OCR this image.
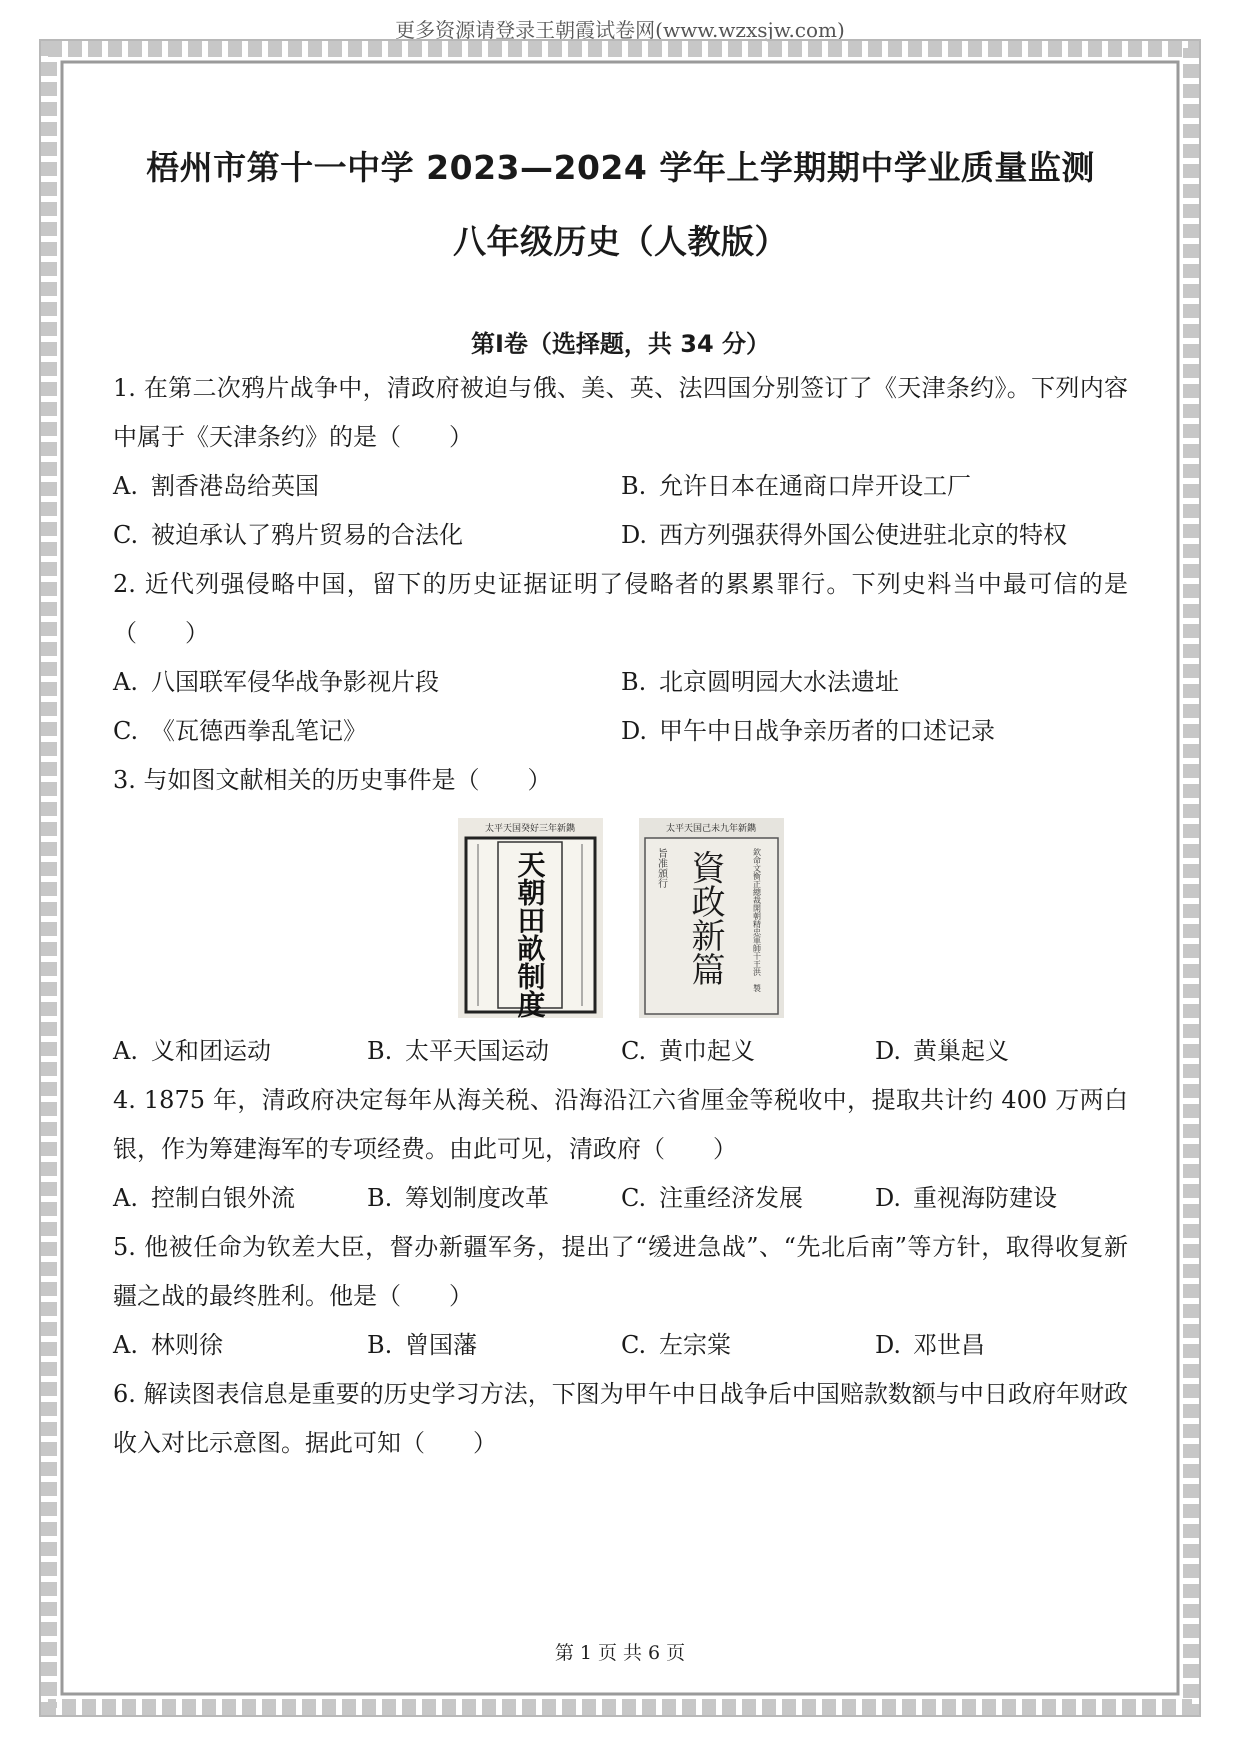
更多资源请登录王朝霞试卷网(www.wzxsjw.com)
梧州市第十一中学 2023—2024 学年上学期期中学业质量监测
八年级历史（人教版）
第Ⅰ卷（选择题，共 34 分）
1. 在第二次鸦片战争中，清政府被迫与俄、美、英、法四国分别签订了《天津条约》。下列内容中属于《天津条约》的是（　　）
A. 割香港岛给英国	B. 允许日本在通商口岸开设工厂
C. 被迫承认了鸦片贸易的合法化	D. 西方列强获得外国公使进驻北京的特权
2. 近代列强侵略中国，留下的历史证据证明了侵略者的累累罪行。下列史料当中最可信的是（　　）
A. 八国联军侵华战争影视片段	B. 北京圆明园大水法遗址
C. 《瓦德西拳乱笔记》	D. 甲午中日战争亲历者的口述记录
3. 与如图文献相关的历史事件是（　　）
太平天国癸好三年新鐫
天朝田畝制度
太平天国己未九年新鐫
旨准頒行 資政新篇	欽命文衡正總裁開朝精忠軍師干王洪　製
A. 义和团运动	B. 太平天国运动	C. 黄巾起义	D. 黄巢起义
4. 1875 年，清政府决定每年从海关税、沿海沿江六省厘金等税收中，提取共计约 400 万两白银，作为筹建海军的专项经费。由此可见，清政府（　　）
A. 控制白银外流	B. 筹划制度改革	C. 注重经济发展	D. 重视海防建设
5. 他被任命为钦差大臣，督办新疆军务，提出了“缓进急战”、“先北后南”等方针，取得收复新疆之战的最终胜利。他是（　　）
A. 林则徐	B. 曾国藩	C. 左宗棠	D. 邓世昌
6. 解读图表信息是重要的历史学习方法，下图为甲午中日战争后中国赔款数额与中日政府年财政收入对比示意图。据此可知（　　）
第 1 页 共 6 页
